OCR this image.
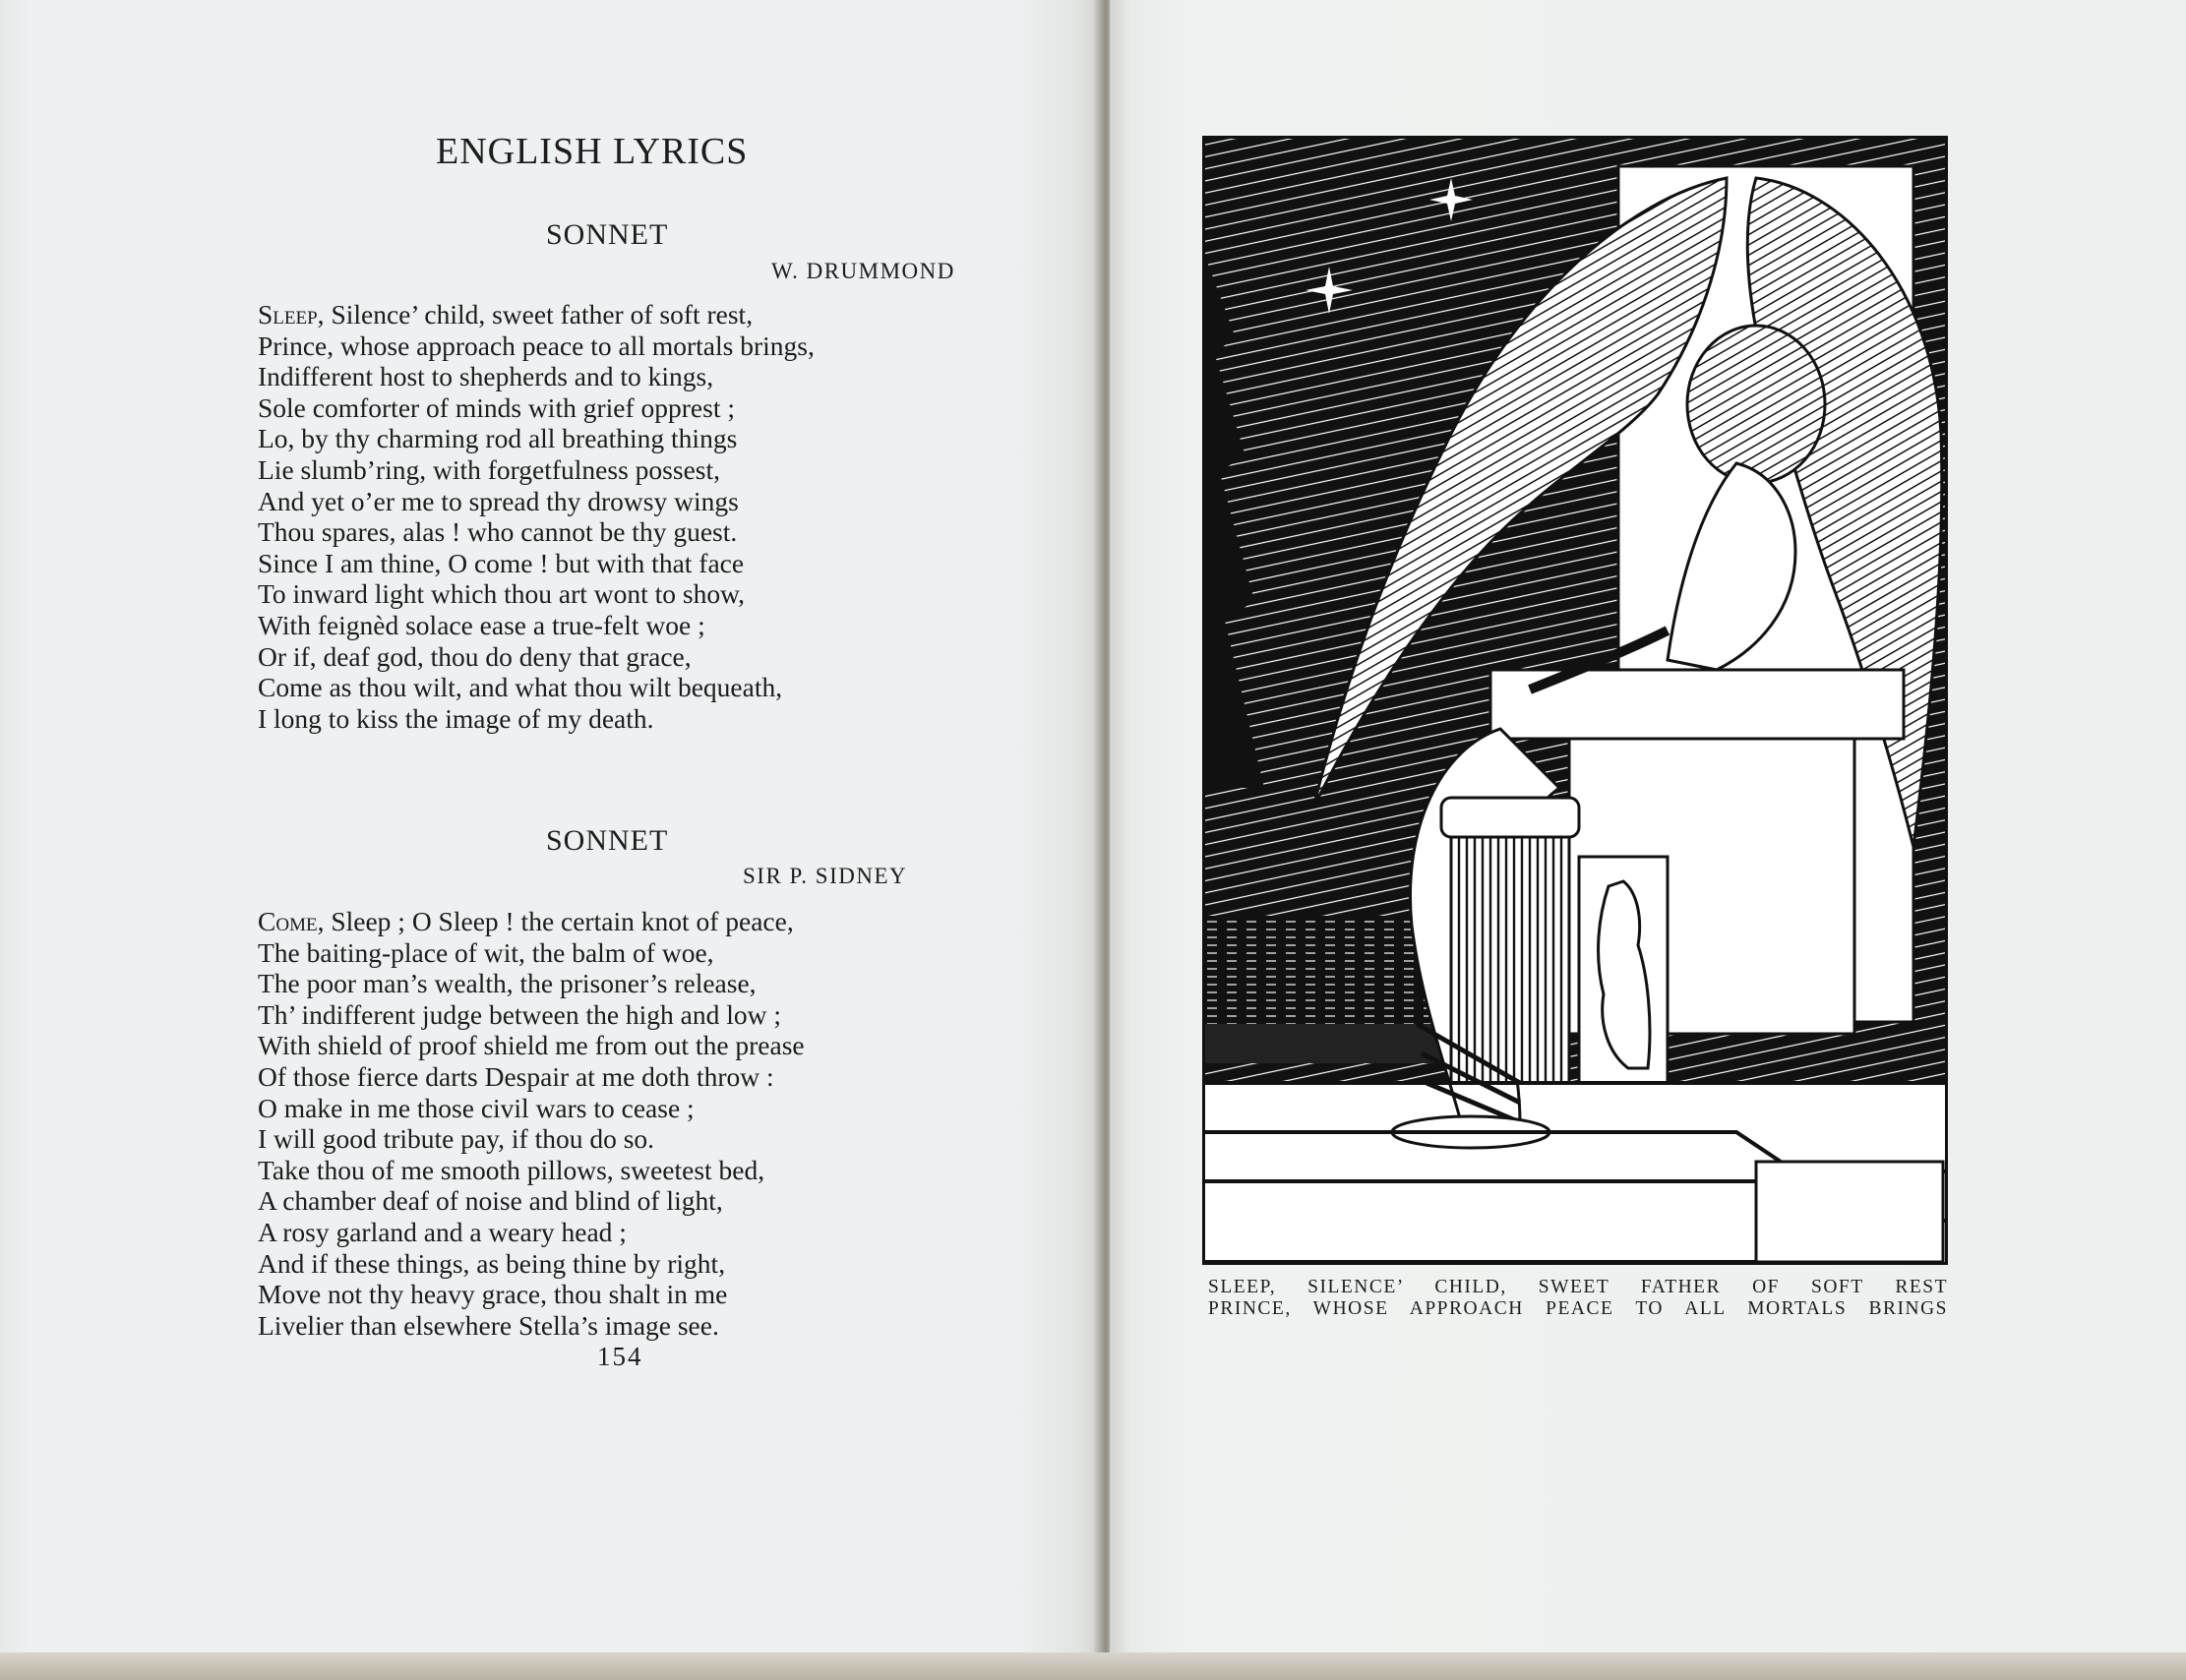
ENGLISH LYRICS
SONNET
W. DRUMMOND
Sleep, Silence’ child, sweet father of soft rest,
Prince, whose approach peace to all mortals brings,
Indifferent host to shepherds and to kings,
Sole comforter of minds with grief opprest ;
Lo, by thy charming rod all breathing things
Lie slumb’ring, with forgetfulness possest,
And yet o’er me to spread thy drowsy wings
Thou spares, alas ! who cannot be thy guest.
Since I am thine, O come ! but with that face
To inward light which thou art wont to show,
With feignèd solace ease a true-felt woe ;
Or if, deaf god, thou do deny that grace,
Come as thou wilt, and what thou wilt bequeath,
I long to kiss the image of my death.
SONNET
SIR P. SIDNEY
Come, Sleep ; O Sleep ! the certain knot of peace,
The baiting-place of wit, the balm of woe,
The poor man’s wealth, the prisoner’s release,
Th’ indifferent judge between the high and low ;
With shield of proof shield me from out the prease
Of those fierce darts Despair at me doth throw :
O make in me those civil wars to cease ;
I will good tribute pay, if thou do so.
Take thou of me smooth pillows, sweetest bed,
A chamber deaf of noise and blind of light,
A rosy garland and a weary head ;
And if these things, as being thine by right,
Move not thy heavy grace, thou shalt in me
Livelier than elsewhere Stella’s image see.
154
SLEEP, SILENCE’ CHILD, SWEET FATHER OF SOFT REST
PRINCE, WHOSE APPROACH PEACE TO ALL MORTALS BRINGS
